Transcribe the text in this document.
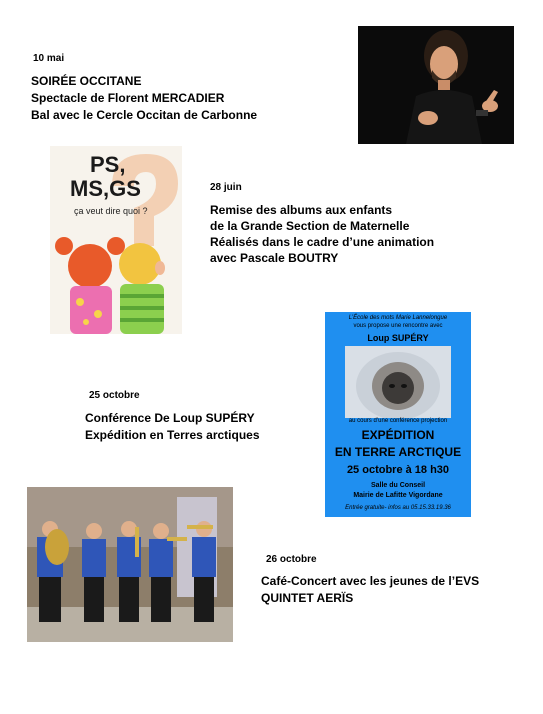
10 mai
SOIRÉE OCCITANE
Spectacle de Florent MERCADIER
Bal avec le Cercle Occitan de Carbonne
PS,
MS,GS
ça veut dire quoi ?
28 juin
Remise des albums aux enfants
de la Grande Section de Maternelle
Réalisés dans le cadre d’une animation
avec Pascale BOUTRY
L’École des mots Marie Lannelongue
vous propose une rencontre avec
Loup SUPÉRY
au cours d’une conférence projection
EXPÉDITION
EN TERRE ARCTIQUE
25 octobre à 18 h30
Salle du Conseil
Mairie de Lafitte Vigordane
Entrée gratuite- infos au 05.15.33.19.36
25 octobre
Conférence De Loup SUPÉRY
Expédition en Terres arctiques
26 octobre
Café-Concert avec les jeunes de l’EVS
QUINTET AERÏS
